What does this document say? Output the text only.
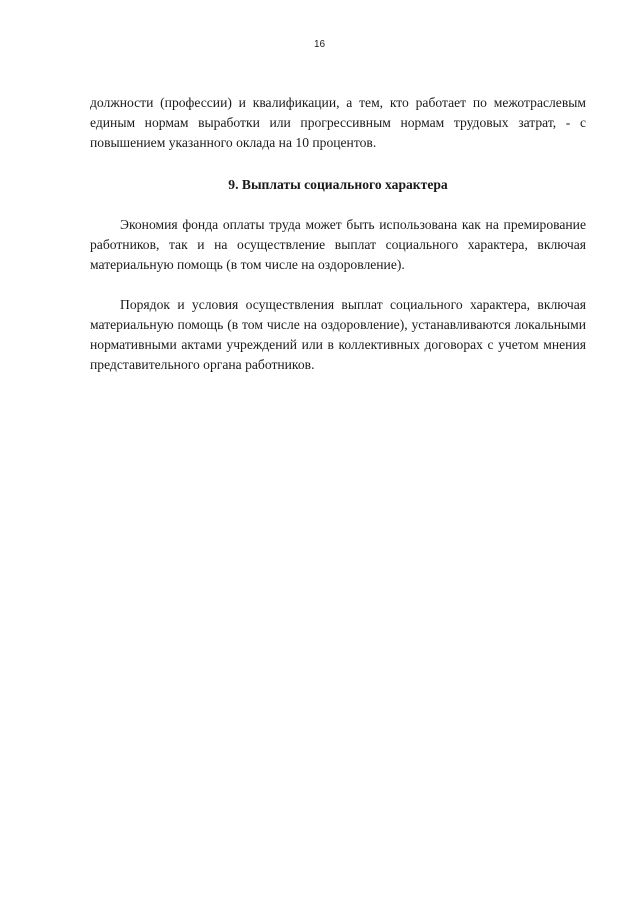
16

должности (профессии) и квалификации, а тем, кто работает по межотраслевым единым нормам выработки или прогрессивным нормам трудовых затрат, - с повышением указанного оклада на 10 процентов.

9. Выплаты социального характера

Экономия фонда оплаты труда может быть использована как на премирование работников, так и на осуществление выплат социального характера, включая материальную помощь (в том числе на оздоровление).

Порядок и условия осуществления выплат социального характера, включая материальную помощь (в том числе на оздоровление), устанавливаются локальными нормативными актами учреждений или в коллективных договорах с учетом мнения представительного органа работников.
